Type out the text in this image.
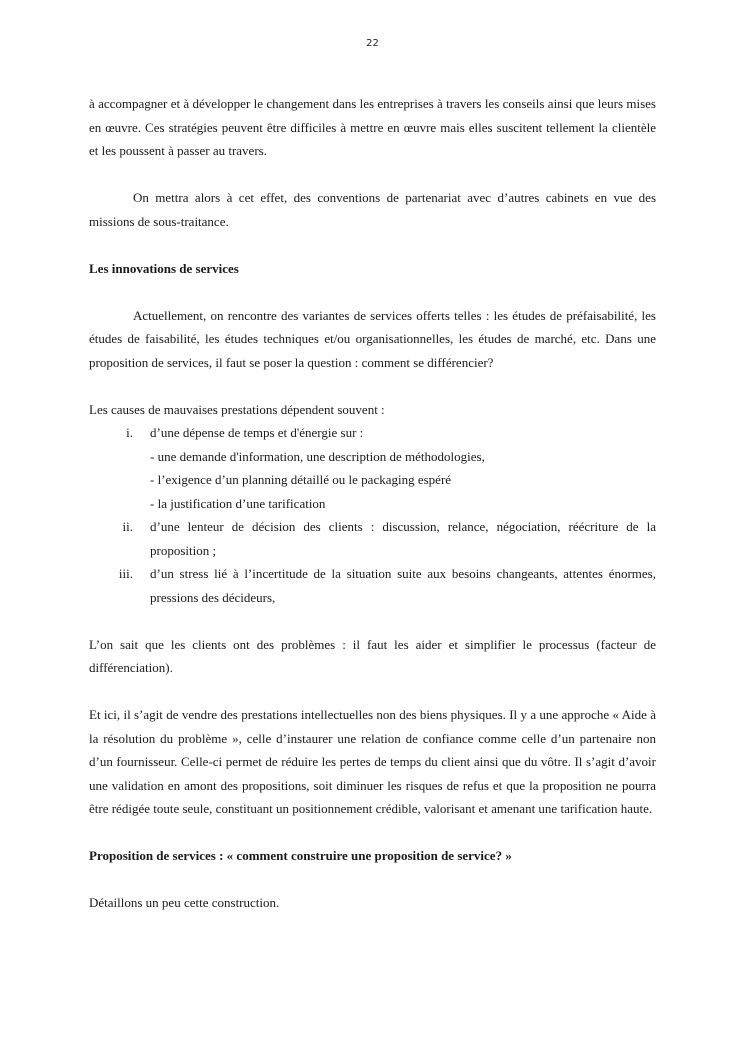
22

à accompagner et à développer le changement dans les entreprises à travers les conseils ainsi que leurs mises en œuvre. Ces stratégies peuvent être difficiles à mettre en œuvre mais elles suscitent tellement la clientèle et les poussent à passer au travers.

On mettra alors à cet effet, des conventions de partenariat avec d’autres cabinets en vue des missions de sous-traitance.

Les innovations de services

Actuellement, on rencontre des variantes de services offerts telles : les études de préfaisabilité, les études de faisabilité, les études techniques et/ou organisationnelles, les études de marché, etc. Dans une proposition de services, il faut se poser la question : comment se différencier?

Les causes de mauvaises prestations dépendent souvent :

i. d’une dépense de temps et d'énergie sur :
- une demande d'information, une description de méthodologies,
- l’exigence d’un planning détaillé ou le packaging espéré
- la justification d’une tarification
ii. d’une lenteur de décision des clients : discussion, relance, négociation, réécriture de la proposition ;
iii. d’un stress lié à l’incertitude de la situation suite aux besoins changeants, attentes énormes, pressions des décideurs,

L’on sait que les clients ont des problèmes : il faut les aider et simplifier le processus (facteur de différenciation).

Et ici, il s’agit de vendre des prestations intellectuelles non des biens physiques. Il y a une approche « Aide à la résolution du problème », celle d’instaurer une relation de confiance comme celle d’un partenaire non d’un fournisseur. Celle-ci permet de réduire les pertes de temps du client ainsi que du vôtre. Il s’agit d’avoir une validation en amont des propositions, soit diminuer les risques de refus et que la proposition ne pourra être rédigée toute seule, constituant un positionnement crédible, valorisant et amenant une tarification haute.

Proposition de services : « comment construire une proposition de service? »

Détaillons un peu cette construction.
